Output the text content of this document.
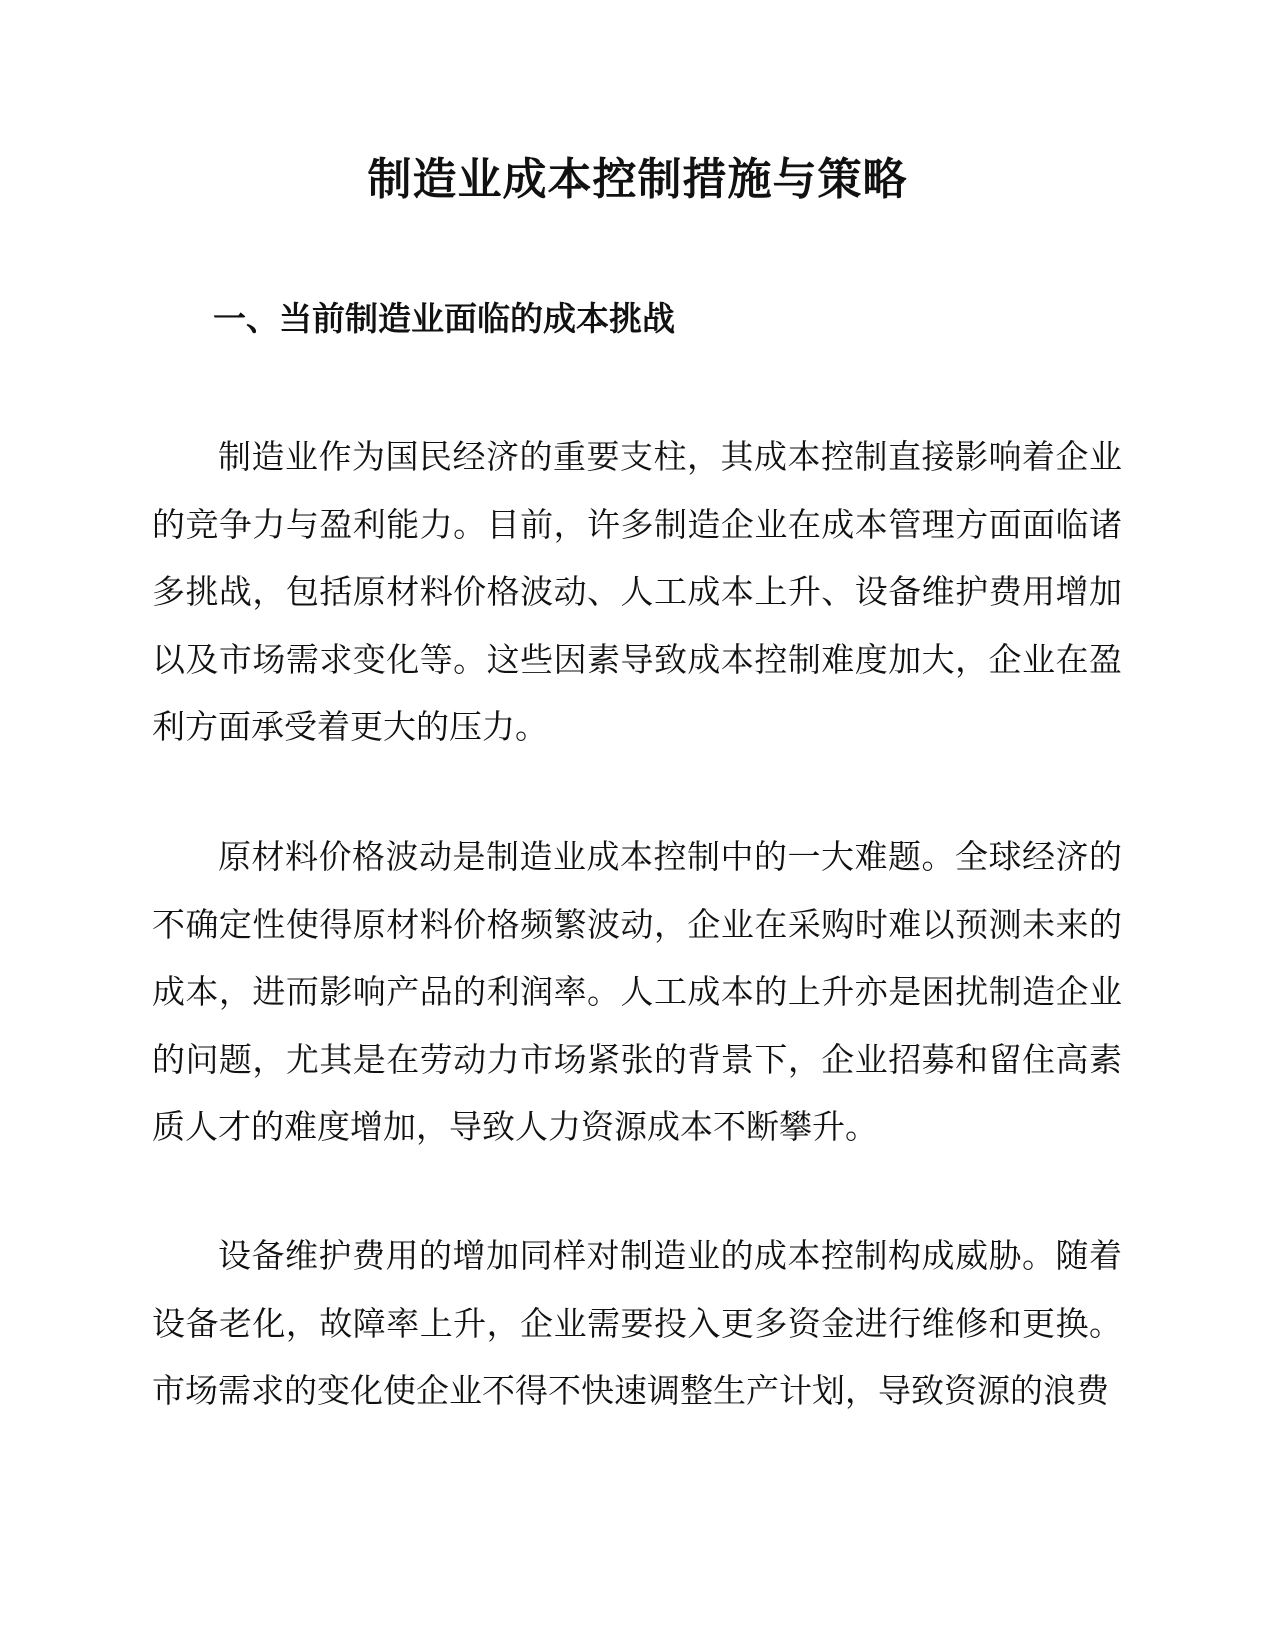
制造业成本控制措施与策略
一、当前制造业面临的成本挑战

制造业作为国民经济的重要支柱，其成本控制直接影响着企业的竞争力与盈利能力。目前，许多制造企业在成本管理方面面临诸多挑战，包括原材料价格波动、人工成本上升、设备维护费用增加以及市场需求变化等。这些因素导致成本控制难度加大，企业在盈利方面承受着更大的压力。

原材料价格波动是制造业成本控制中的一大难题。全球经济的不确定性使得原材料价格频繁波动，企业在采购时难以预测未来的成本，进而影响产品的利润率。人工成本的上升亦是困扰制造企业的问题，尤其是在劳动力市场紧张的背景下，企业招募和留住高素质人才的难度增加，导致人力资源成本不断攀升。

设备维护费用的增加同样对制造业的成本控制构成威胁。随着设备老化，故障率上升，企业需要投入更多资金进行维修和更换。市场需求的变化使企业不得不快速调整生产计划，导致资源的浪费
